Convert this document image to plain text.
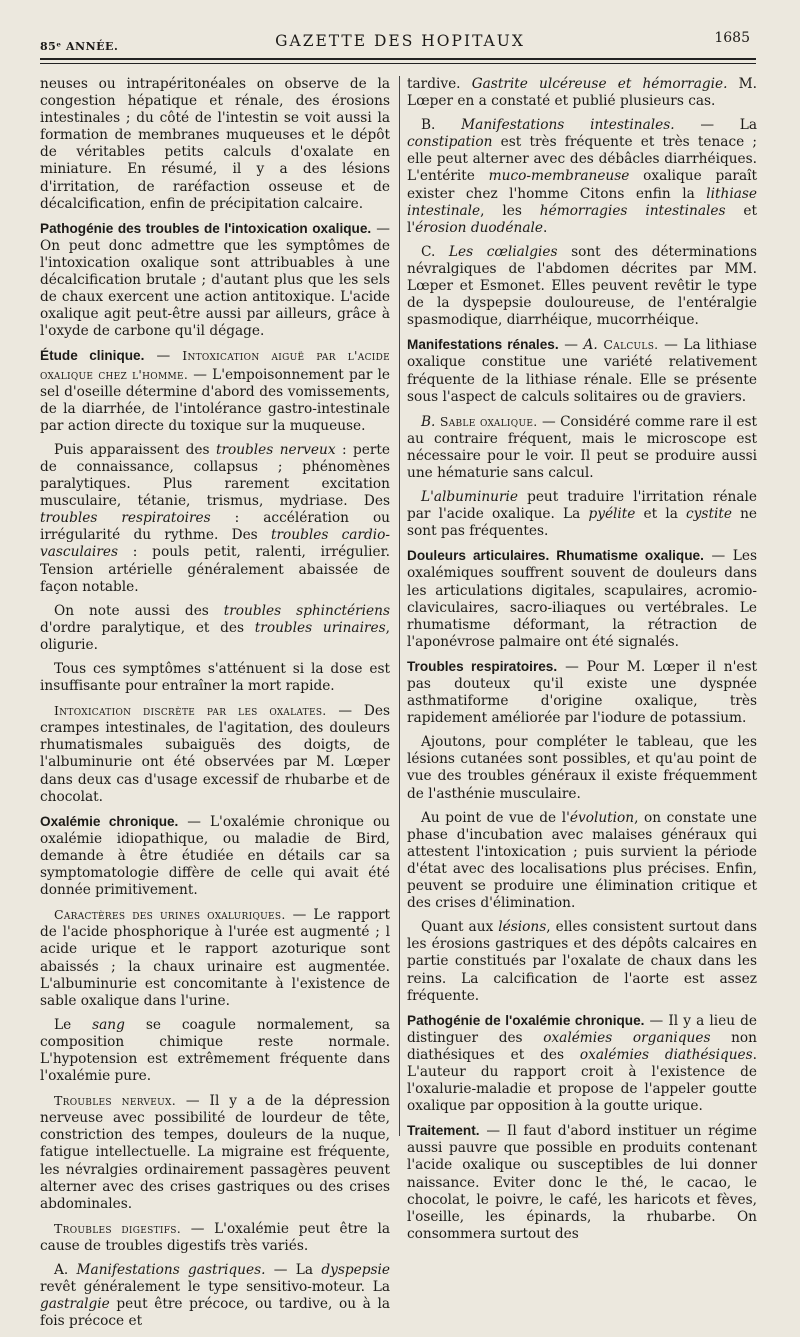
85ᵉ ANNÉE.	GAZETTE DES HOPITAUX	1685

neuses ou intrapéritonéales on observe de la congestion hépatique et rénale, des érosions intestinales ; du côté de l'intestin se voit aussi la formation de membranes muqueuses et le dépôt de véritables petits calculs d'oxalate en miniature. En résumé, il y a des lésions d'irritation, de raréfaction osseuse et de décalcification, enfin de précipitation calcaire.

Pathogénie des troubles de l'intoxication oxalique. — On peut donc admettre que les symptômes de l'intoxication oxalique sont attribuables à une décalcification brutale ; d'autant plus que les sels de chaux exercent une action antitoxique. L'acide oxalique agit peut-être aussi par ailleurs, grâce à l'oxyde de carbone qu'il dégage.

Étude clinique. — Intoxication aiguë par l'acide oxalique chez l'homme. — L'empoisonnement par le sel d'oseille détermine d'abord des vomissements, de la diarrhée, de l'intolérance gastro-intestinale par action directe du toxique sur la muqueuse.

Puis apparaissent des troubles nerveux : perte de connaissance, collapsus ; phénomènes paralytiques. Plus rarement excitation musculaire, tétanie, trismus, mydriase. Des troubles respiratoires : accélération ou irrégularité du rythme. Des troubles cardio-vasculaires : pouls petit, ralenti, irrégulier. Tension artérielle généralement abaissée de façon notable.

On note aussi des troubles sphinctériens d'ordre paralytique, et des troubles urinaires, oligurie.

Tous ces symptômes s'atténuent si la dose est insuffisante pour entraîner la mort rapide.

Intoxication discrète par les oxalates. — Des crampes intestinales, de l'agitation, des douleurs rhumatismales subaiguës des doigts, de l'albuminurie ont été observées par M. Lœper dans deux cas d'usage excessif de rhubarbe et de chocolat.

Oxalémie chronique. — L'oxalémie chronique ou oxalémie idiopathique, ou maladie de Bird, demande à être étudiée en détails car sa symptomatologie diffère de celle qui avait été donnée primitivement.

Caractères des urines oxaluriques. — Le rapport de l'acide phosphorique à l'urée est augmenté ; l acide urique et le rapport azoturique sont abaissés ; la chaux urinaire est augmentée. L'albuminurie est concomitante à l'existence de sable oxalique dans l'urine.

Le sang se coagule normalement, sa composition chimique reste normale. L'hypotension est extrêmement fréquente dans l'oxalémie pure.

Troubles nerveux. — Il y a de la dépression nerveuse avec possibilité de lourdeur de tête, constriction des tempes, douleurs de la nuque, fatigue intellectuelle. La migraine est fréquente, les névralgies ordinairement passagères peuvent alterner avec des crises gastriques ou des crises abdominales.

Troubles digestifs. — L'oxalémie peut être la cause de troubles digestifs très variés.

A. Manifestations gastriques. — La dyspepsie revêt généralement le type sensitivo-moteur. La gastralgie peut être précoce, ou tardive, ou à la fois précoce et

tardive. Gastrite ulcéreuse et hémorragie. M. Lœper en a constaté et publié plusieurs cas.

B. Manifestations intestinales. — La constipation est très fréquente et très tenace ; elle peut alterner avec des débâcles diarrhéiques. L'entérite muco-membraneuse oxalique paraît exister chez l'homme Citons enfin la lithiase intestinale, les hémorragies intestinales et l'érosion duodénale.

C. Les cœlialgies sont des déterminations névralgiques de l'abdomen décrites par MM. Lœper et Esmonet. Elles peuvent revêtir le type de la dyspepsie douloureuse, de l'entéralgie spasmodique, diarrhéique, mucorrhéique.

Manifestations rénales. — A. Calculs. — La lithiase oxalique constitue une variété relativement fréquente de la lithiase rénale. Elle se présente sous l'aspect de calculs solitaires ou de graviers.

B. Sable oxalique. — Considéré comme rare il est au contraire fréquent, mais le microscope est nécessaire pour le voir. Il peut se produire aussi une hématurie sans calcul.

L'albuminurie peut traduire l'irritation rénale par l'acide oxalique. La pyélite et la cystite ne sont pas fréquentes.

Douleurs articulaires. Rhumatisme oxalique. — Les oxalémiques souffrent souvent de douleurs dans les articulations digitales, scapulaires, acromio-claviculaires, sacro-iliaques ou vertébrales. Le rhumatisme déformant, la rétraction de l'aponévrose palmaire ont été signalés.

Troubles respiratoires. — Pour M. Lœper il n'est pas douteux qu'il existe une dyspnée asthmatiforme d'origine oxalique, très rapidement améliorée par l'iodure de potassium.

Ajoutons, pour compléter le tableau, que les lésions cutanées sont possibles, et qu'au point de vue des troubles généraux il existe fréquemment de l'asthénie musculaire.

Au point de vue de l'évolution, on constate une phase d'incubation avec malaises généraux qui attestent l'intoxication ; puis survient la période d'état avec des localisations plus précises. Enfin, peuvent se produire une élimination critique et des crises d'élimination.

Quant aux lésions, elles consistent surtout dans les érosions gastriques et des dépôts calcaires en partie constitués par l'oxalate de chaux dans les reins. La calcification de l'aorte est assez fréquente.

Pathogénie de l'oxalémie chronique. — Il y a lieu de distinguer des oxalémies organiques non diathésiques et des oxalémies diathésiques. L'auteur du rapport croit à l'existence de l'oxalurie-maladie et propose de l'appeler goutte oxalique par opposition à la goutte urique.

Traitement. — Il faut d'abord instituer un régime aussi pauvre que possible en produits contenant l'acide oxalique ou susceptibles de lui donner naissance. Eviter donc le thé, le cacao, le chocolat, le poivre, le café, les haricots et fèves, l'oseille, les épinards, la rhubarbe. On consommera surtout des
